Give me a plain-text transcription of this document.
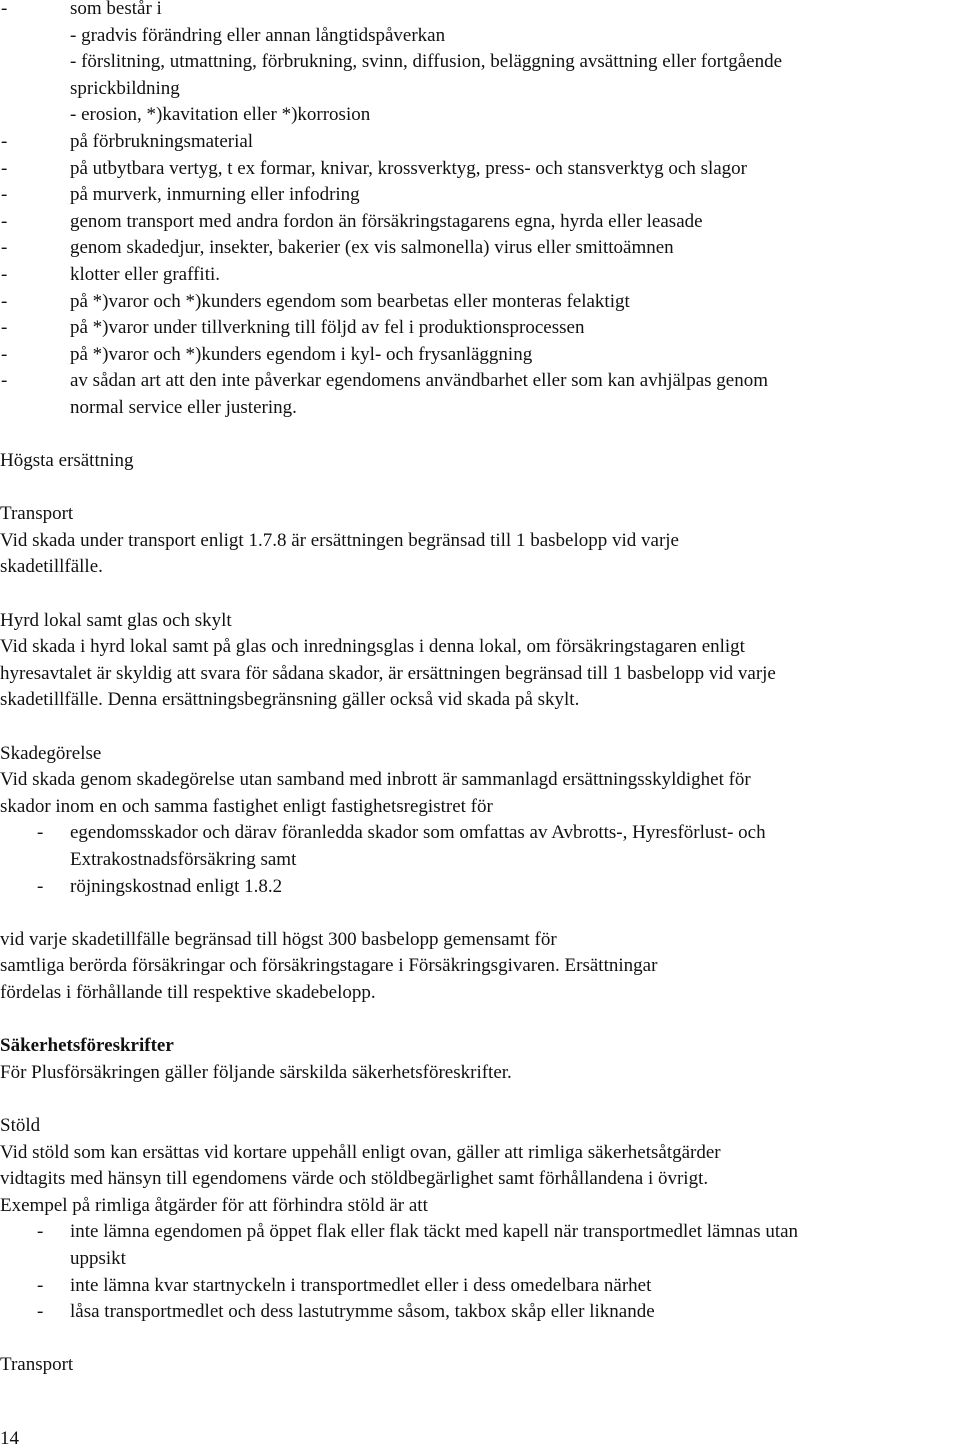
-	som består i
- gradvis förändring eller annan långtidspåverkan
- förslitning, utmattning, förbrukning, svinn, diffusion, beläggning avsättning eller fortgående
sprickbildning
- erosion, *)kavitation eller *)korrosion
-	på förbrukningsmaterial
-	på utbytbara vertyg, t ex formar, knivar, krossverktyg, press- och stansverktyg och slagor
-	på murverk, inmurning eller infodring
-	genom transport med andra fordon än försäkringstagarens egna, hyrda eller leasade
-	genom skadedjur, insekter, bakerier (ex vis salmonella) virus eller smittoämnen
-	klotter eller graffiti.
-	på *)varor och *)kunders egendom som bearbetas eller monteras felaktigt
-	på *)varor under tillverkning till följd av fel i produktionsprocessen
-	på *)varor och *)kunders egendom i kyl- och frysanläggning
-	av sådan art att den inte påverkar egendomens användbarhet eller som kan avhjälpas genom
normal service eller justering.
Högsta ersättning
Transport
Vid skada under transport enligt 1.7.8 är ersättningen begränsad till 1 basbelopp vid varje
skadetillfälle.
Hyrd lokal samt glas och skylt
Vid skada i hyrd lokal samt på glas och inredningsglas i denna lokal, om försäkringstagaren enligt
hyresavtalet är skyldig att svara för sådana skador, är ersättningen begränsad till 1 basbelopp vid varje
skadetillfälle. Denna ersättningsbegränsning gäller också vid skada på skylt.
Skadegörelse
Vid skada genom skadegörelse utan samband med inbrott är sammanlagd ersättningsskyldighet för
skador inom en och samma fastighet enligt fastighetsregistret för
- egendomsskador och därav föranledda skador som omfattas av Avbrotts-, Hyresförlust- och
Extrakostnadsförsäkring samt
- röjningskostnad enligt 1.8.2
vid varje skadetillfälle begränsad till högst 300 basbelopp gemensamt för
samtliga berörda försäkringar och försäkringstagare i Försäkringsgivaren. Ersättningar
fördelas i förhållande till respektive skadebelopp.
Säkerhetsföreskrifter
För Plusförsäkringen gäller följande särskilda säkerhetsföreskrifter.
Stöld
Vid stöld som kan ersättas vid kortare uppehåll enligt ovan, gäller att rimliga säkerhetsåtgärder
vidtagits med hänsyn till egendomens värde och stöldbegärlighet samt förhållandena i övrigt.
Exempel på rimliga åtgärder för att förhindra stöld är att
- inte lämna egendomen på öppet flak eller flak täckt med kapell när transportmedlet lämnas utan
uppsikt
- inte lämna kvar startnyckeln i transportmedlet eller i dess omedelbara närhet
- låsa transportmedlet och dess lastutrymme såsom, takbox skåp eller liknande
Transport
14
